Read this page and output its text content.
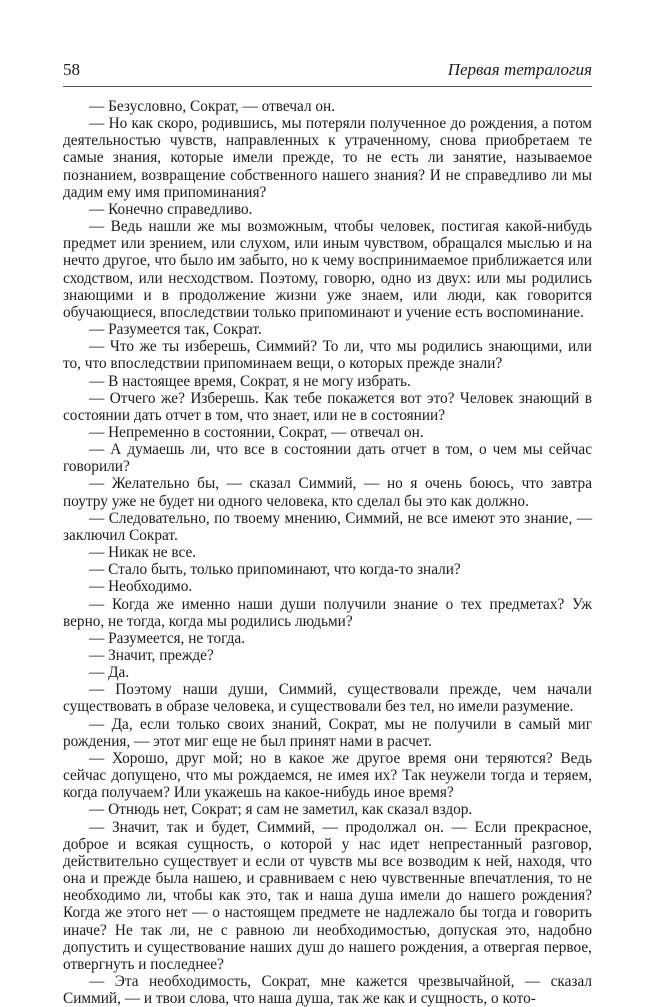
58	Первая тетралогия

— Безусловно, Сократ, — отвечал он.

— Но как скоро, родившись, мы потеряли полученное до рождения, а потом деятельностью чувств, направленных к утраченному, снова приобретаем те самые знания, которые имели прежде, то не есть ли занятие, называемое познанием, возвращение собственного нашего знания? И не справедливо ли мы дадим ему имя припоминания?

— Конечно справедливо.

— Ведь нашли же мы возможным, чтобы человек, постигая какой-нибудь предмет или зрением, или слухом, или иным чувством, обращался мыслью и на нечто другое, что было им забыто, но к чему воспринимаемое приближается или сходством, или несходством. Поэтому, говорю, одно из двух: или мы родились знающими и в продолжение жизни уже знаем, или люди, как говорится обучающиеся, впоследствии только припоминают и учение есть воспоминание.

— Разумеется так, Сократ.

— Что же ты изберешь, Симмий? То ли, что мы родились знающими, или то, что впоследствии припоминаем вещи, о которых прежде знали?

— В настоящее время, Сократ, я не могу избрать.

— Отчего же? Изберешь. Как тебе покажется вот это? Человек знающий в состоянии дать отчет в том, что знает, или не в состоянии?

— Непременно в состоянии, Сократ, — отвечал он.

— А думаешь ли, что все в состоянии дать отчет в том, о чем мы сейчас говорили?

— Желательно бы, — сказал Симмий, — но я очень боюсь, что завтра поутру уже не будет ни одного человека, кто сделал бы это как должно.

— Следовательно, по твоему мнению, Симмий, не все имеют это знание, — заключил Сократ.

— Никак не все.

— Стало быть, только припоминают, что когда-то знали?

— Необходимо.

— Когда же именно наши души получили знание о тех предметах? Уж верно, не тогда, когда мы родились людьми?

— Разумеется, не тогда.

— Значит, прежде?

— Да.

— Поэтому наши души, Симмий, существовали прежде, чем начали существовать в образе человека, и существовали без тел, но имели разумение.

— Да, если только своих знаний, Сократ, мы не получили в самый миг рождения, — этот миг еще не был принят нами в расчет.

— Хорошо, друг мой; но в какое же другое время они теряются? Ведь сейчас допущено, что мы рождаемся, не имея их? Так неужели тогда и теряем, когда получаем? Или укажешь на какое-нибудь иное время?

— Отнюдь нет, Сократ; я сам не заметил, как сказал вздор.

— Значит, так и будет, Симмий, — продолжал он. — Если прекрасное, доброе и всякая сущность, о которой у нас идет непрестанный разговор, действительно существует и если от чувств мы все возводим к ней, находя, что она и прежде была нашею, и сравниваем с нею чувственные впечатления, то не необходимо ли, чтобы как это, так и наша душа имели до нашего рождения? Когда же этого нет — о настоящем предмете не надлежало бы тогда и говорить иначе? Не так ли, не с равною ли необходимостью, допуская это, надобно допустить и существование наших душ до нашего рождения, а отвергая первое, отвергнуть и последнее?

— Эта необходимость, Сократ, мне кажется чрезвычайной, — сказал Симмий, — и твои слова, что наша душа, так же как и сущность, о кото-
